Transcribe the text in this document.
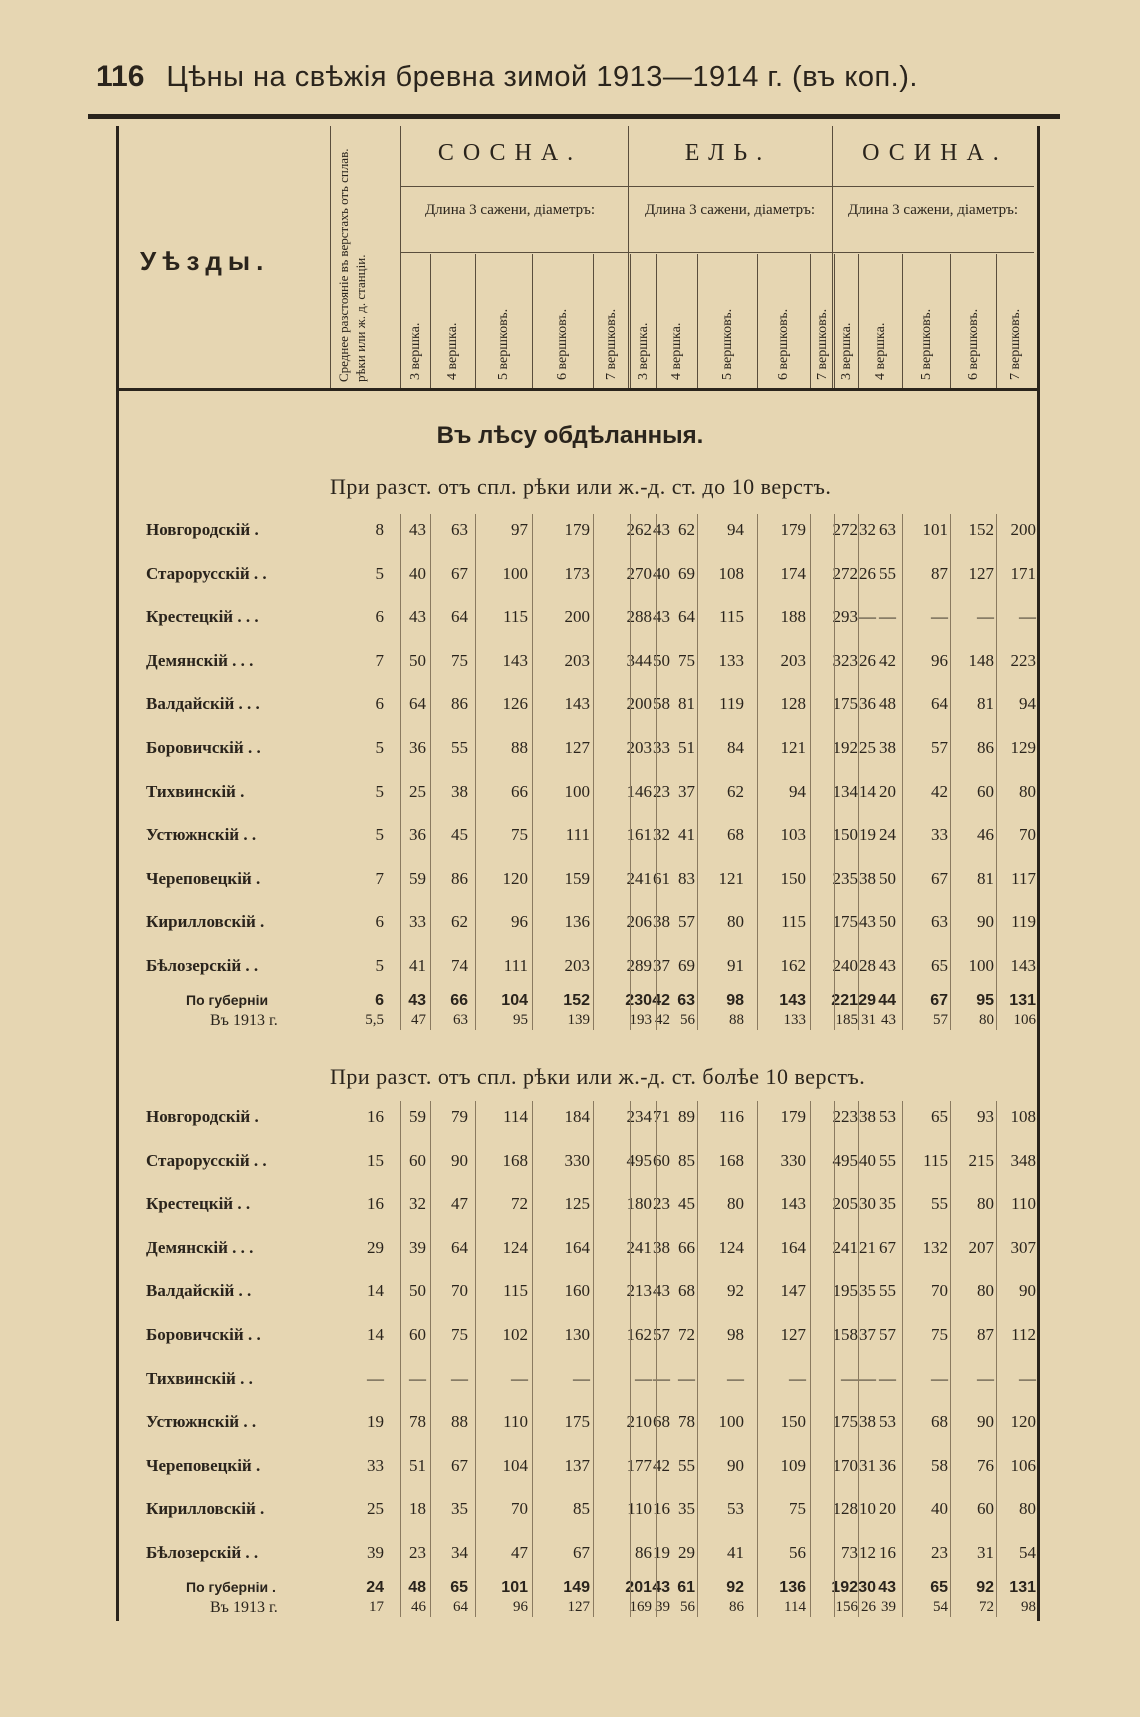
116 Цѣны на свѣжія бревна зимой 1913—1914 г. (въ коп.).
Уѣзды.	Среднее разстояніе въ верстахъ отъ сплав. рѣки или ж. д. станціи.
СОСНА.	ЕЛЬ.	ОСИНА.
Длина 3 сажени, діаметръ:	Длина 3 сажени, діаметръ:	Длина 3 сажени, діаметръ:
3 вершка. 4 вершка.	5 вершковъ.	6 вершковъ. 7 вершковъ. 3 вершка. 4 вершка.	5 вершковъ.	6 вершковъ. 7 вершковъ. 3 вершка. 4 вершка. 5 вершковъ. 6 вершковъ. 7 вершковъ.
Въ лѣсу обдѣланныя.
При разст. отъ спл. рѣки или ж.-д. ст. до 10 верстъ.
При разст. отъ спл. рѣки или ж.-д. ст. болѣе 10 верстъ.
Новгородскій .	8	43	63	97	179	262 43 62	94	179	272 32 63	101	152 200
Старорусскій . .	5	40	67	100	173	270 40 69	108	174	272 26 55	87	127 171
Крестецкій . . .	6	43	64	115	200	288 43 64	115	188	293 — —	—	—	—
Демянскій . . .	7	50	75	143	203	344 50 75	133	203	323 26 42	96	148 223
Валдайскій . . .	6	64	86	126	143	200 58 81	119	128	175 36 48	64	81	94
Боровичскій . .	5	36	55	88	127	203 33 51	84	121	192 25 38	57	86 129
Тихвинскій .	5	25	38	66	100	146 23 37	62	94	134 14 20	42	60	80
Устюжнскій . .	5	36	45	75	111	161 32 41	68	103	150 19 24	33	46	70
Череповецкій .	7	59	86	120	159	241 61 83	121	150	235 38 50	67	81	117
Кирилловскій .	6	33	62	96	136	206 38 57	80	115	175 43 50	63	90	119
Бѣлозерскій . .	5	41	74	111	203	289 37 69	91	162	240 28 43	65	100 143
По губерніи	6	43	66	104	152	230 42 63	98	143	221 29 44	67	95 131
Въ 1913 г.	5,5	47	63	95	139	193 42 56	88	133	185 31 43	57	80	106
Новгородскій .	16	59	79	114	184	234 71 89	116	179	223 38 53	65	93 108
Старорусскій . .	15	60	90	168	330	495 60 85	168	330	495 40 55	115	215 348
Крестецкій . .	16	32	47	72	125	180 23 45	80	143	205 30 35	55	80	110
Демянскій . . .	29	39	64	124	164	241 38 66	124	164	241 21 67	132	207 307
Валдайскій . .	14	50	70	115	160	213 43 68	92	147	195 35 55	70	80	90
Боровичскій . .	14	60	75	102	130	162 57 72	98	127	158 37 57	75	87	112
Тихвинскій . .	—	—	—	—	—	— — —	—	—	— — —	—	—	—
Устюжнскій . .	19	78	88	110	175	210 68 78	100	150	175 38 53	68	90 120
Череповецкій .	33	51	67	104	137	177 42 55	90	109	170 31 36	58	76 106
Кирилловскій .	25	18	35	70	85	110 16 35	53	75	128 10 20	40	60	80
Бѣлозерскій . .	39	23	34	47	67	86 19 29	41	56	73 12 16	23	31	54
По губерніи .	24	48	65	101	149	201 43 61	92	136	192 30 43	65	92 131
Въ 1913 г.	17	46	64	96	127	169 39 56	86	114	156 26 39	54	72	98
